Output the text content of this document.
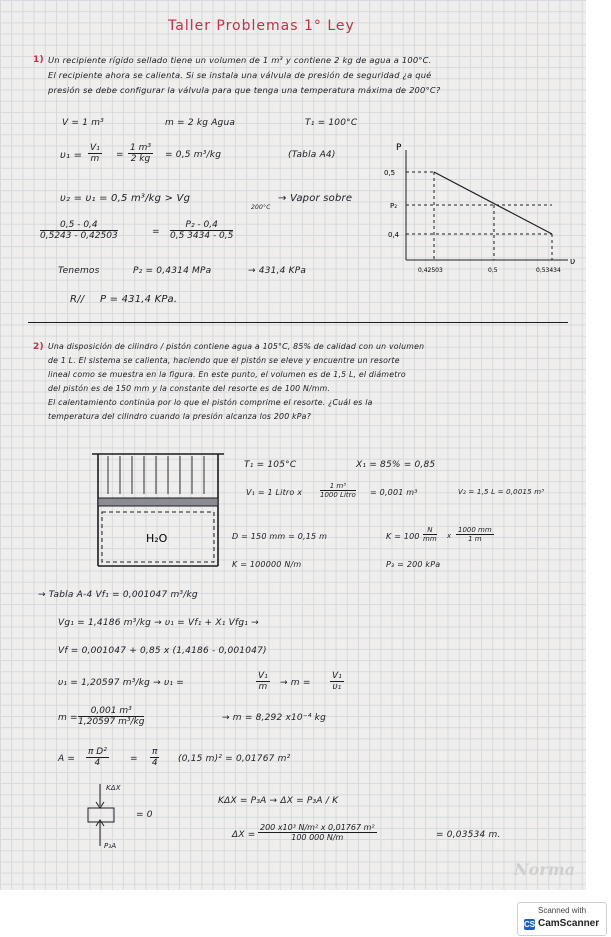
Taller Problemas 1° Ley
1) Un recipiente rígido sellado tiene un volumen de 1 m³ y contiene 2 kg de agua a 100°C.
El recipiente ahora se calienta. Si se instala una válvula de presión de seguridad ¿a qué
presión se debe configurar la válvula para que tenga una temperatura máxima de 200°C?
V = 1 m³	m = 2 kg Agua	T₁ = 100°C
$\upsilon_1 = \frac{\text{V₁}}{m} = \frac{\text{1 m³}}{2 kg} = 0,5$ m³/kg	(Tabla A4)
υ₂ = υ₁ = 0,5 m³/kg > Vg
200°C
→ Vapor sobre
$\frac{0,5 - 0,4}{0,5243 - 0,42503}$	= $\frac{\text{P₂ - 0,4}}{0,5 3434 - 0,5}$
Tenemos	P₂ = 0,4314 MPa	→ 431,4 KPa
R// P = 431,4 KPa.
P
υ
0,5
P₂
0,4
0,42503	0,5	0,53434
2) Una disposición de cilindro / pistón contiene agua a 105°C, 85% de calidad con un volumen
de 1 L. El sistema se calienta, haciendo que el pistón se eleve y encuentre un resorte
lineal como se muestra en la figura. En este punto, el volumen es de 1,5 L, el diámetro
del pistón es de 150 mm y la constante del resorte es de 100 N/mm.
El calentamiento continúa por lo que el pistón comprime el resorte. ¿Cuál es la
temperatura del cilindro cuando la presión alcanza los 200 kPa?
H₂O
T₁ = 105°C	X₁ = 85% = 0,85
V₁ = 1 Litro x
1 m³
1000 Litro = 0,001 m³	V₂ = 1,5 L = 0,0015 m³
D = 150 mm = 0,15 m	$K = 100 \frac{N}{mm}$ x $\frac{1000 mm}{1 m}$
K = 100000 N/m	P₃ = 200 kPa
→ Tabla A-4 Vf₁ = 0,001047 m³/kg
Vg₁ = 1,4186 m³/kg → υ₁ = Vf₁ + X₁ Vfg₁ →
Vf = 0,001047 + 0,85 x (1,4186 - 0,001047)
υ₁ = 1,20597 m³/kg → υ₁ =	$\frac{\text{V₁}}{m} \to m = \frac{\text{V₁}}{\text{υ₁}}$
$m = \frac{\text{0,001 m³}}{\text{1,20597 m³/kg}}$	→ m = 8,292 x10⁻⁴ kg
$A = \frac{\text{π D²}}{4} = \frac{\pi}{4} (0,15$ m)² = 0,01767 m²
KΔX
= 0
P₃A
KΔX = P₃A → ΔX = P₃A / K
$\Delta X = \frac{\text{200 x10³ N/m² x 0,01767 m²}}{100 000 N/m}$	= 0,03534 m.
Norma
Scanned with
CS CamScanner
